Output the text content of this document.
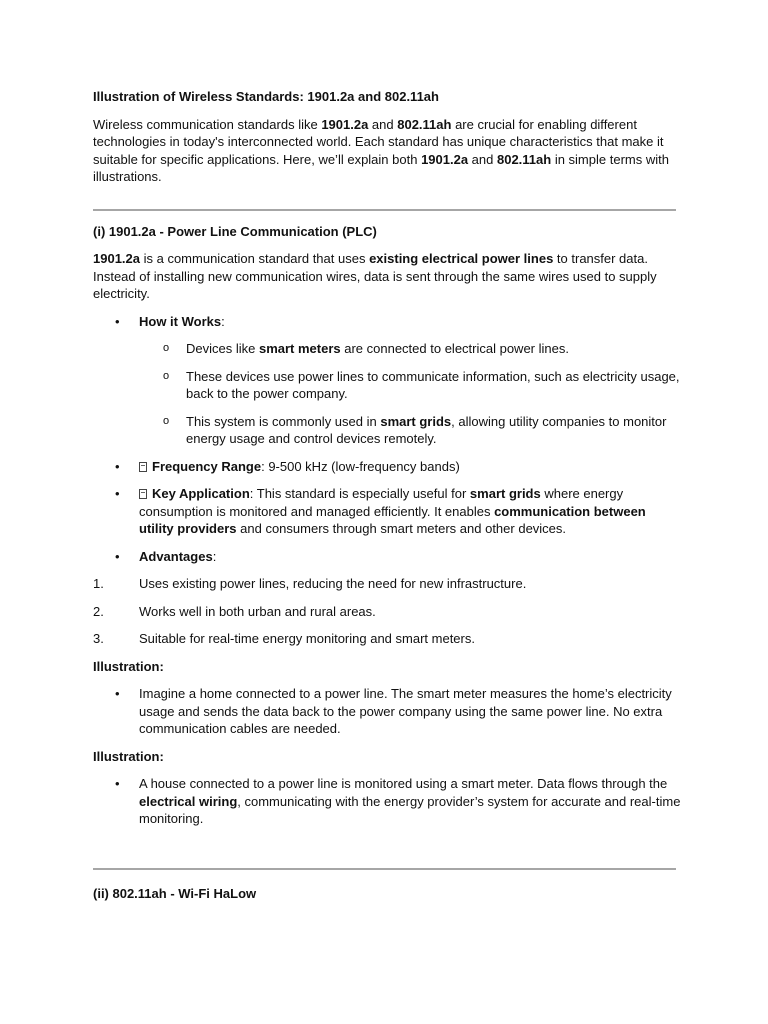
Illustration of Wireless Standards: 1901.2a and 802.11ah

Wireless communication standards like 1901.2a and 802.11ah are crucial for enabling different technologies in today's interconnected world. Each standard has unique characteristics that make it suitable for specific applications. Here, we’ll explain both 1901.2a and 802.11ah in simple terms with illustrations.

(i) 1901.2a - Power Line Communication (PLC)

1901.2a is a communication standard that uses existing electrical power lines to transfer data. Instead of installing new communication wires, data is sent through the same wires used to supply electricity.

• How it Works:
o Devices like smart meters are connected to electrical power lines.
o These devices use power lines to communicate information, such as electricity usage, back to the power company.
o This system is commonly used in smart grids, allowing utility companies to monitor energy usage and control devices remotely.
• Frequency Range: 9-500 kHz (low-frequency bands)
• Key Application: This standard is especially useful for smart grids where energy consumption is monitored and managed efficiently. It enables communication between utility providers and consumers through smart meters and other devices.
• Advantages:
1.	Uses existing power lines, reducing the need for new infrastructure.
2.	Works well in both urban and rural areas.
3.	Suitable for real-time energy monitoring and smart meters.
Illustration:
• Imagine a home connected to a power line. The smart meter measures the home’s electricity usage and sends the data back to the power company using the same power line. No extra communication cables are needed.
Illustration:
• A house connected to a power line is monitored using a smart meter. Data flows through the electrical wiring, communicating with the energy provider’s system for accurate and real-time monitoring.
(ii) 802.11ah - Wi-Fi HaLow
